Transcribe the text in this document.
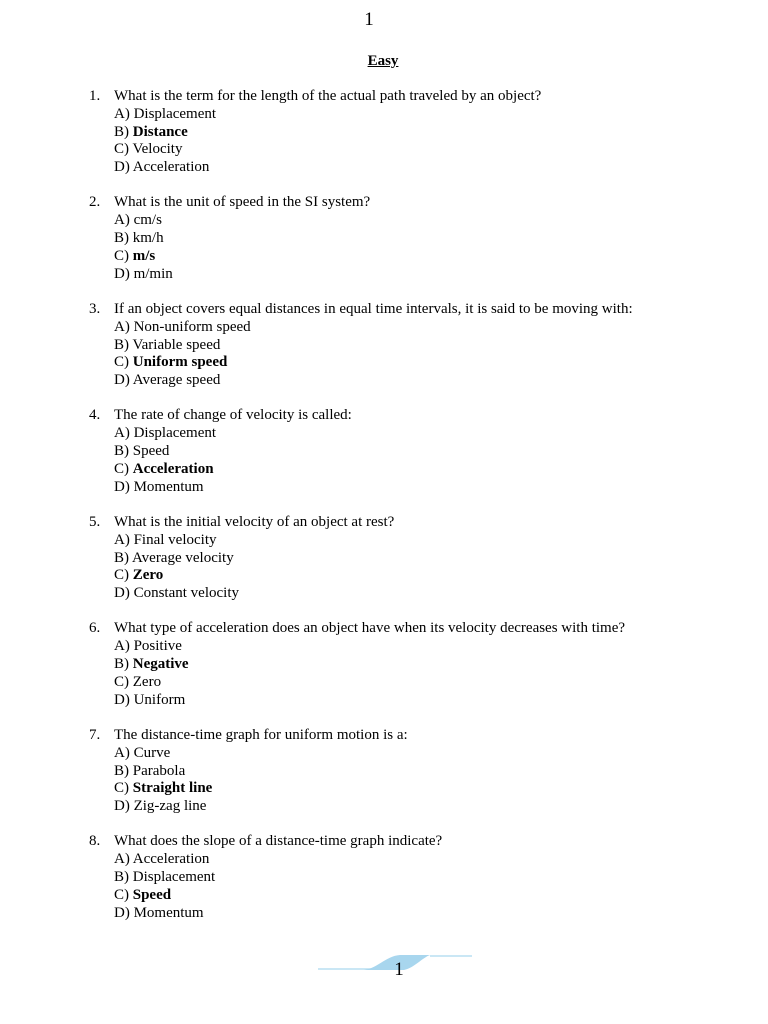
1
Easy
1. What is the term for the length of the actual path traveled by an object?
A) Displacement
B) Distance
C) Velocity
D) Acceleration
2. What is the unit of speed in the SI system?
A) cm/s
B) km/h
C) m/s
D) m/min
3. If an object covers equal distances in equal time intervals, it is said to be moving with:
A) Non-uniform speed
B) Variable speed
C) Uniform speed
D) Average speed
4. The rate of change of velocity is called:
A) Displacement
B) Speed
C) Acceleration
D) Momentum
5. What is the initial velocity of an object at rest?
A) Final velocity
B) Average velocity
C) Zero
D) Constant velocity
6. What type of acceleration does an object have when its velocity decreases with time?
A) Positive
B) Negative
C) Zero
D) Uniform
7. The distance-time graph for uniform motion is a:
A) Curve
B) Parabola
C) Straight line
D) Zig-zag line
8. What does the slope of a distance-time graph indicate?
A) Acceleration
B) Displacement
C) Speed
D) Momentum
1
